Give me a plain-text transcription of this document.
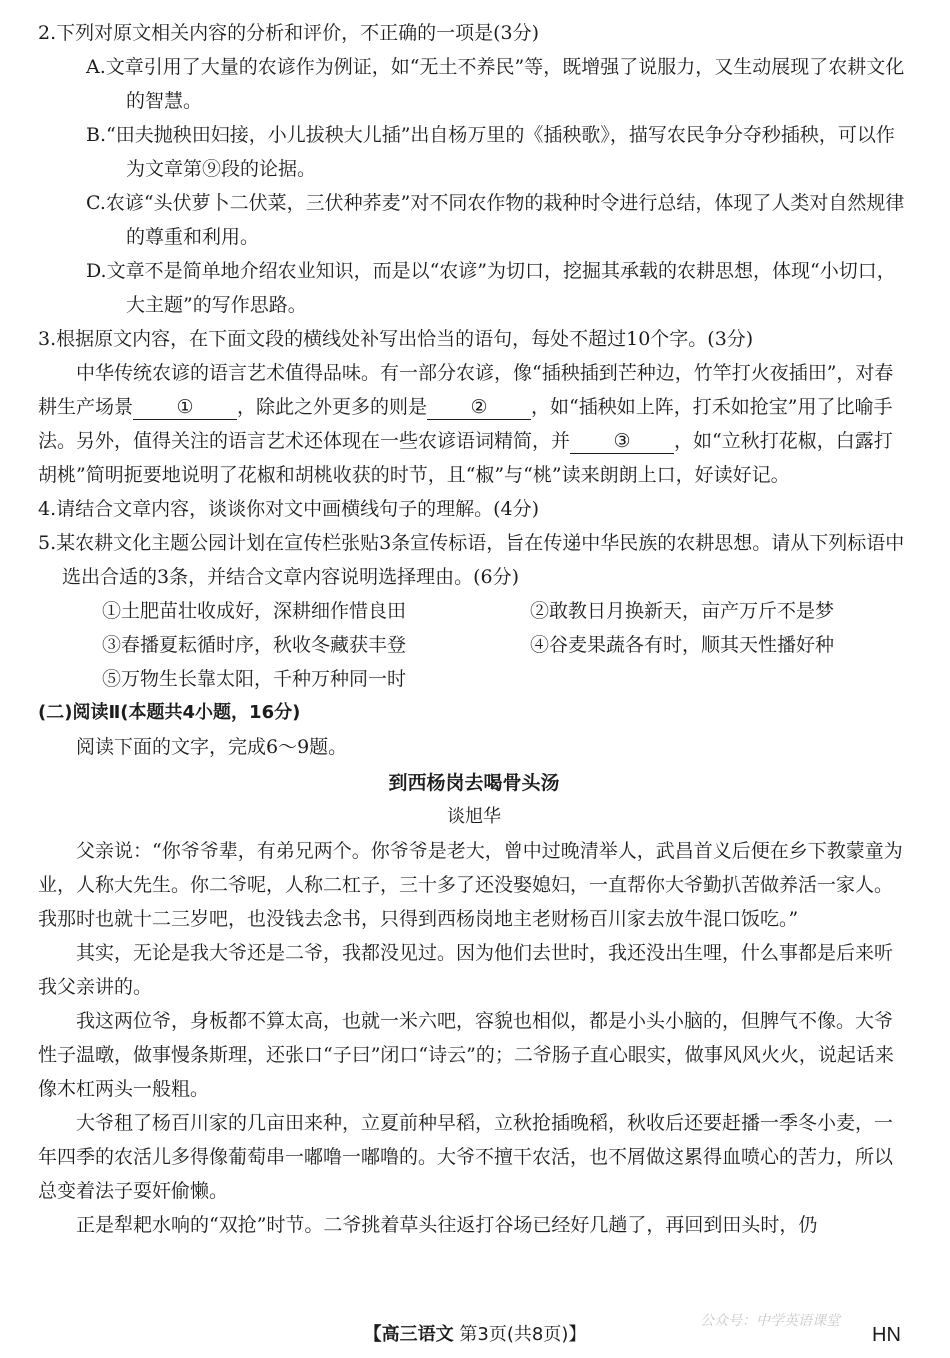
2.下列对原文相关内容的分析和评价，不正确的一项是(3分)
A.文章引用了大量的农谚作为例证，如“无土不养民”等，既增强了说服力，又生动展现了农耕文化的智慧。
B.“田夫抛秧田妇接，小儿拔秧大儿插”出自杨万里的《插秧歌》，描写农民争分夺秒插秧，可以作为文章第⑨段的论据。
C.农谚“头伏萝卜二伏菜，三伏种荞麦”对不同农作物的栽种时令进行总结，体现了人类对自然规律的尊重和利用。
D.文章不是简单地介绍农业知识，而是以“农谚”为切口，挖掘其承载的农耕思想，体现“小切口，大主题”的写作思路。
3.根据原文内容，在下面文段的横线处补写出恰当的语句，每处不超过10个字。(3分)
中华传统农谚的语言艺术值得品味。有一部分农谚，像“插秧插到芒种边，竹竿打火夜插田”，对春耕生产场景 ① ，除此之外更多的则是 ② ，如“插秧如上阵，打禾如抢宝”用了比喻手法。另外，值得关注的语言艺术还体现在一些农谚语词精简，并 ③ ，如“立秋打花椒，白露打胡桃”简明扼要地说明了花椒和胡桃收获的时节，且“椒”与“桃”读来朗朗上口，好读好记。
4.请结合文章内容，谈谈你对文中画横线句子的理解。(4分)
5.某农耕文化主题公园计划在宣传栏张贴3条宣传标语，旨在传递中华民族的农耕思想。请从下列标语中选出合适的3条，并结合文章内容说明选择理由。(6分)
①土肥苗壮收成好，深耕细作惜良田	②敢教日月换新天，亩产万斤不是梦
③春播夏耘循时序，秋收冬藏获丰登	④谷麦果蔬各有时，顺其天性播好种
⑤万物生长靠太阳，千种万种同一时
(二)阅读Ⅱ(本题共4小题，16分)
阅读下面的文字，完成6～9题。
到西杨岗去喝骨头汤
谈旭华
父亲说：“你爷爷辈，有弟兄两个。你爷爷是老大，曾中过晚清举人，武昌首义后便在乡下教蒙童为业，人称大先生。你二爷呢，人称二杠子，三十多了还没娶媳妇，一直帮你大爷勤扒苦做养活一家人。我那时也就十二三岁吧，也没钱去念书，只得到西杨岗地主老财杨百川家去放牛混口饭吃。”
其实，无论是我大爷还是二爷，我都没见过。因为他们去世时，我还没出生哩，什么事都是后来听我父亲讲的。
我这两位爷，身板都不算太高，也就一米六吧，容貌也相似，都是小头小脑的，但脾气不像。大爷性子温暾，做事慢条斯理，还张口“子曰”闭口“诗云”的；二爷肠子直心眼实，做事风风火火，说起话来像木杠两头一般粗。
大爷租了杨百川家的几亩田来种，立夏前种早稻，立秋抢插晚稻，秋收后还要赶播一季冬小麦，一年四季的农活儿多得像葡萄串一嘟噜一嘟噜的。大爷不擅干农活，也不屑做这累得血喷心的苦力，所以总变着法子耍奸偷懒。
正是犁耙水响的“双抢”时节。二爷挑着草头往返打谷场已经好几趟了，再回到田头时，仍
公众号：中学英语课堂
【高三语文 第3页(共8页)】	HN
